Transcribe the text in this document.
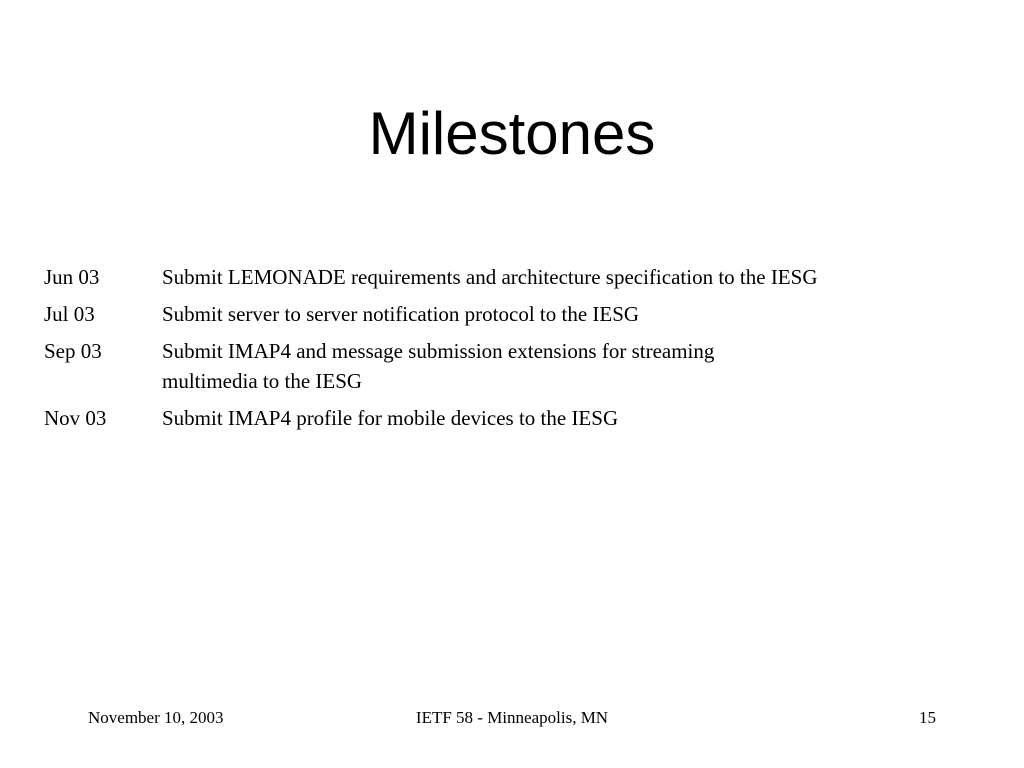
Milestones
Jun 03	Submit LEMONADE requirements and architecture specification to the IESG
Jul 03	Submit server to server notification protocol to the IESG
Sep 03	Submit IMAP4 and message submission extensions for streaming
multimedia to the IESG
Nov 03	Submit IMAP4 profile for mobile devices to the IESG
November 10, 2003	IETF 58 - Minneapolis, MN	15
